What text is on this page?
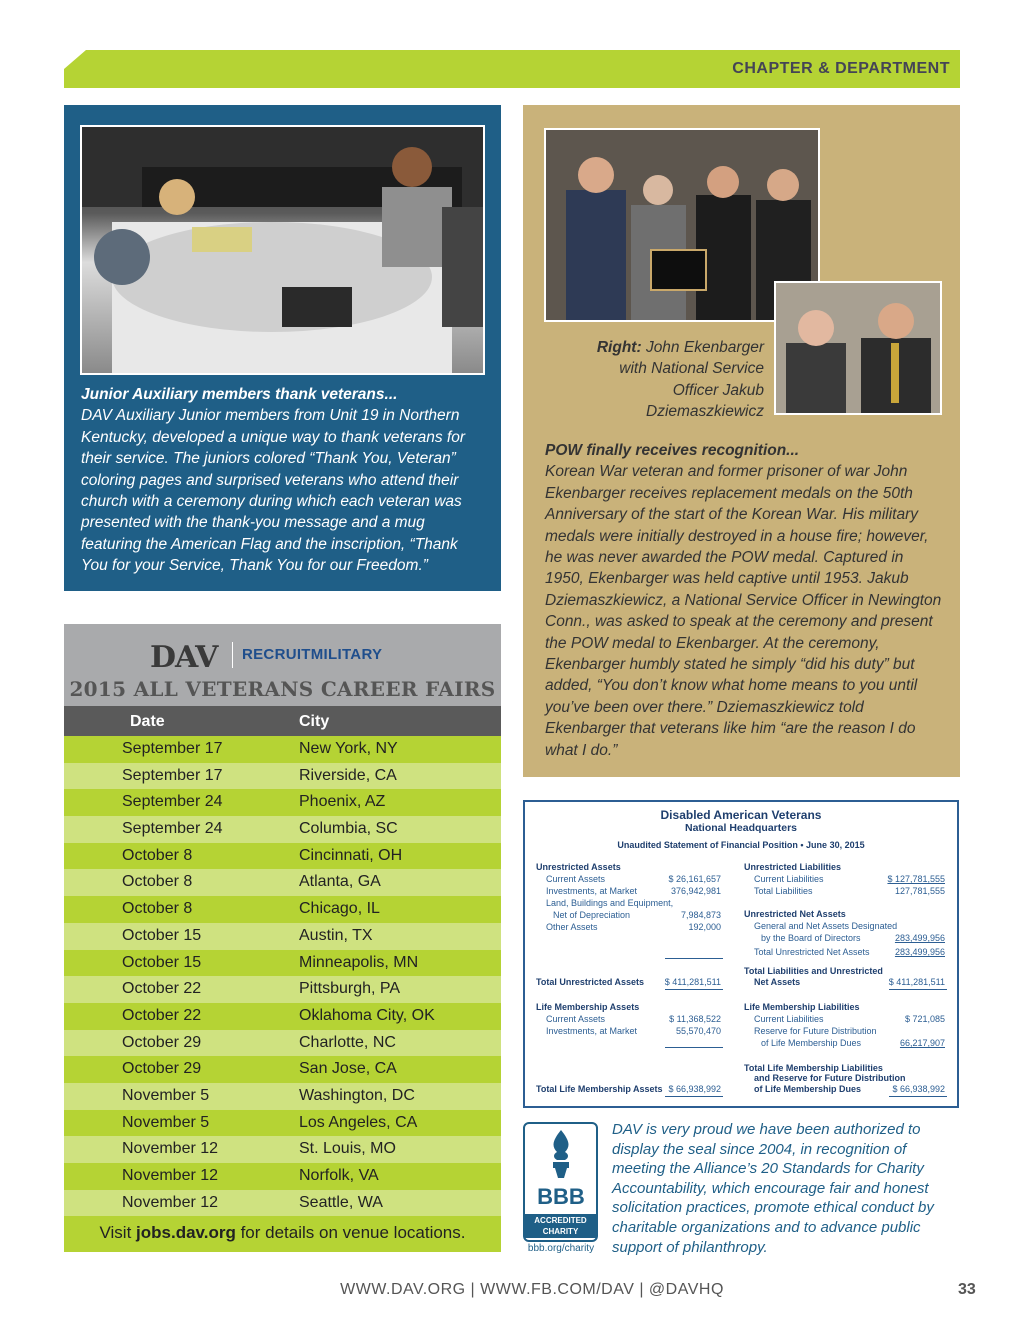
CHAPTER & DEPARTMENT
Junior Auxiliary members thank veterans...
DAV Auxiliary Junior members from Unit 19 in Northern Kentucky, developed a unique way to thank veterans for their service. The juniors colored “Thank You, Veteran” coloring pages and surprised veterans who attend their church with a ceremony during which each veteran was presented with the thank-you message and a mug featuring the American Flag and the inscription, “Thank You for your Service, Thank You for our Freedom.”
Right: John Ekenbarger with National Service Officer Jakub Dziemaszkiewicz
POW finally receives recognition...
Korean War veteran and former prisoner of war John Ekenbarger receives replacement medals on the 50th Anniversary of the start of the Korean War. His military medals were initially destroyed in a house fire; however, he was never awarded the POW medal. Captured in 1950, Ekenbarger was held captive until 1953. Jakub Dziemaszkiewicz, a National Service Officer in Newington Conn., was asked to speak at the ceremony and present the POW medal to Ekenbarger. At the ceremony, Ekenbarger humbly stated he simply “did his duty” but added, “You don’t know what home means to you until you’ve been over there.” Dziemaszkiewicz told Ekenbarger that veterans like him “are the reason I do what I do.”
DAV RECRUITMILITARY
2015 ALL VETERANS CAREER FAIRS
Date	City
September 17	New York, NY
September 17	Riverside, CA
September 24	Phoenix, AZ
September 24	Columbia, SC
October 8	Cincinnati, OH
October 8	Atlanta, GA
October 8	Chicago, IL
October 15	Austin, TX
October 15	Minneapolis, MN
October 22	Pittsburgh, PA
October 22	Oklahoma City, OK
October 29	Charlotte, NC
October 29	San Jose, CA
November 5	Washington, DC
November 5	Los Angeles, CA
November 12	St. Louis, MO
November 12	Norfolk, VA
November 12	Seattle, WA
Visit jobs.dav.org for details on venue locations.
Disabled American Veterans
National Headquarters
Unaudited Statement of Financial Position • June 30, 2015
Unrestricted Assets
Current Assets	$ 26,161,657
Investments, at Market	376,942,981
Land, Buildings and Equipment,
Net of Depreciation	7,984,873
Other Assets	192,000
Total Unrestricted Assets	$ 411,281,511
Life Membership Assets
Current Assets	$ 11,368,522
Investments, at Market	55,570,470
Total Life Membership Assets $ 66,938,992
Unrestricted Liabilities
Current Liabilities	$ 127,781,555
Total Liabilities	127,781,555
Unrestricted Net Assets
General and Net Assets Designated
by the Board of Directors	283,499,956
Total Unrestricted Net Assets	283,499,956
Total Liabilities and Unrestricted
Net Assets	$ 411,281,511
Life Membership Liabilities
Current Liabilities	$ 721,085
Reserve for Future Distribution
of Life Membership Dues	66,217,907
Total Life Membership Liabilities
and Reserve for Future Distribution
of Life Membership Dues	$ 66,938,992
BBB
ACCREDITED
CHARITY
bbb.org/charity
DAV is very proud we have been authorized to display the seal since 2004, in recognition of meeting the Alliance’s 20 Standards for Charity Accountability, which encourage fair and honest solicitation practices, promote ethical conduct by charitable organizations and to advance public support of philanthropy.
WWW.DAV.ORG | WWW.FB.COM/DAV | @DAVHQ	33
